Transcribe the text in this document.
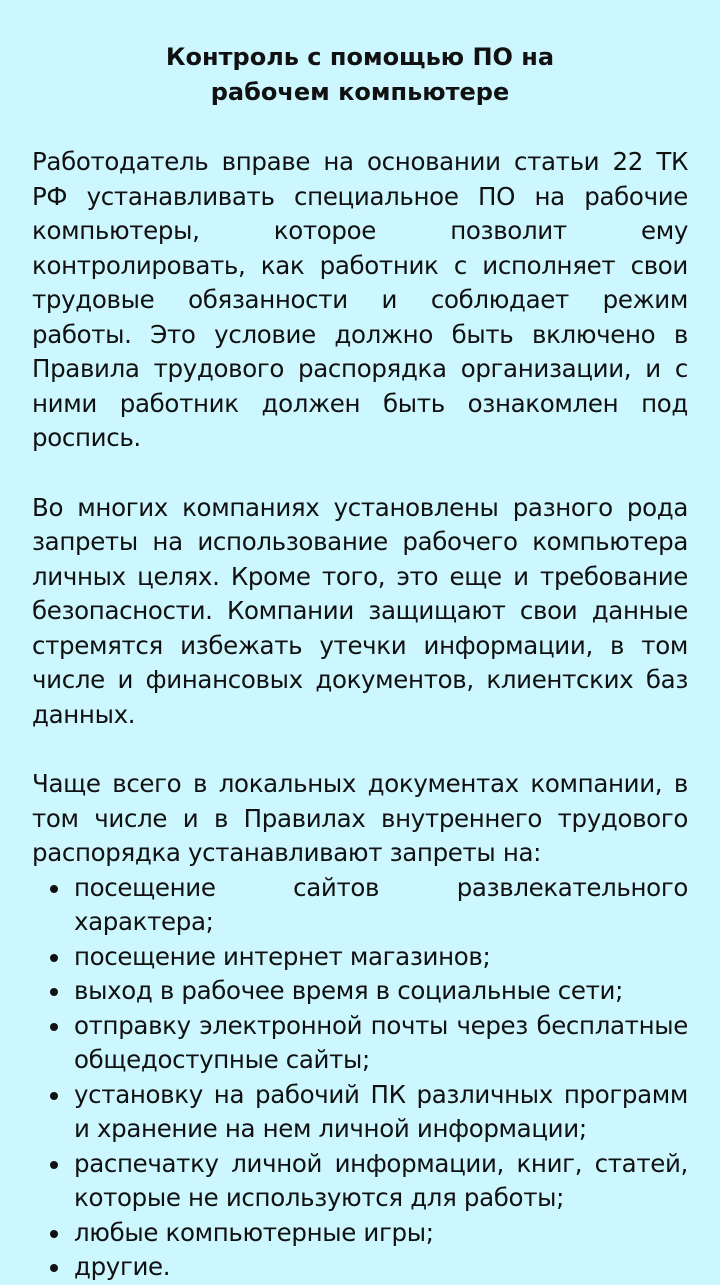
Контроль с помощью ПО на рабочем компьютере

Работодатель вправе на основании статьи 22 ТК РФ устанавливать специальное ПО на рабочие компьютеры, которое позволит ему контролировать, как работник с исполняет свои трудовые обязанности и соблюдает режим работы. Это условие должно быть включено в Правила трудового распорядка организации, и с ними работник должен быть ознакомлен под роспись.

Во многих компаниях установлены разного рода запреты на использование рабочего компьютера личных целях. Кроме того, это еще и требование безопасности. Компании защищают свои данные стремятся избежать утечки информации, в том числе и финансовых документов, клиентских баз данных.

Чаще всего в локальных документах компании, в том числе и в Правилах внутреннего трудового распорядка устанавливают запреты на:

посещение сайтов развлекательного характера;
посещение интернет магазинов;
выход в рабочее время в социальные сети;
отправку электронной почты через бесплатные общедоступные сайты;
установку на рабочий ПК различных программ и хранение на нем личной информации;
распечатку личной информации, книг, статей, которые не используются для работы;
любые компьютерные игры;
другие.
